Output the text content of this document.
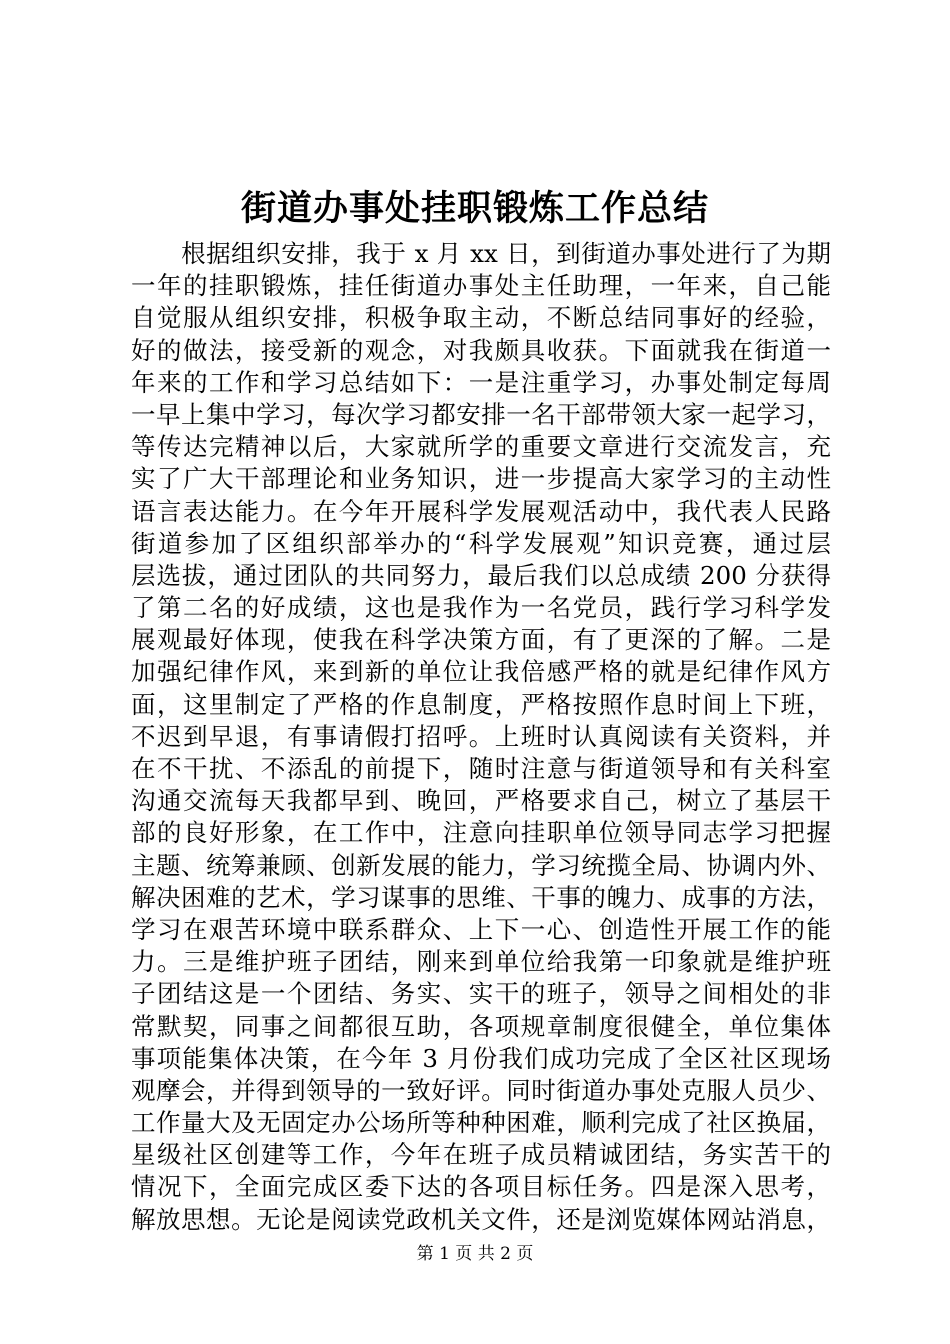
街道办事处挂职锻炼工作总结
　　根据组织安排，我于 x 月 xx 日，到街道办事处进行了为期
一年的挂职锻炼，挂任街道办事处主任助理，一年来，自己能
自觉服从组织安排，积极争取主动，不断总结同事好的经验，
好的做法，接受新的观念，对我颇具收获。下面就我在街道一
年来的工作和学习总结如下：一是注重学习，办事处制定每周
一早上集中学习，每次学习都安排一名干部带领大家一起学习，
等传达完精神以后，大家就所学的重要文章进行交流发言，充
实了广大干部理论和业务知识，进一步提高大家学习的主动性
语言表达能力。在今年开展科学发展观活动中，我代表人民路
街道参加了区组织部举办的“科学发展观”知识竞赛，通过层
层选拔，通过团队的共同努力，最后我们以总成绩 200 分获得
了第二名的好成绩，这也是我作为一名党员，践行学习科学发
展观最好体现，使我在科学决策方面，有了更深的了解。二是
加强纪律作风，来到新的单位让我倍感严格的就是纪律作风方
面，这里制定了严格的作息制度，严格按照作息时间上下班，
不迟到早退，有事请假打招呼。上班时认真阅读有关资料，并
在不干扰、不添乱的前提下，随时注意与街道领导和有关科室
沟通交流每天我都早到、晚回，严格要求自己，树立了基层干
部的良好形象，在工作中，注意向挂职单位领导同志学习把握
主题、统筹兼顾、创新发展的能力，学习统揽全局、协调内外、
解决困难的艺术，学习谋事的思维、干事的魄力、成事的方法，
学习在艰苦环境中联系群众、上下一心、创造性开展工作的能
力。三是维护班子团结，刚来到单位给我第一印象就是维护班
子团结这是一个团结、务实、实干的班子，领导之间相处的非
常默契，同事之间都很互助，各项规章制度很健全，单位集体
事项能集体决策，在今年 3 月份我们成功完成了全区社区现场
观摩会，并得到领导的一致好评。同时街道办事处克服人员少、
工作量大及无固定办公场所等种种困难，顺利完成了社区换届，
星级社区创建等工作，今年在班子成员精诚团结，务实苦干的
情况下，全面完成区委下达的各项目标任务。四是深入思考，
解放思想。无论是阅读党政机关文件，还是浏览媒体网站消息，
第 1 页 共 2 页
